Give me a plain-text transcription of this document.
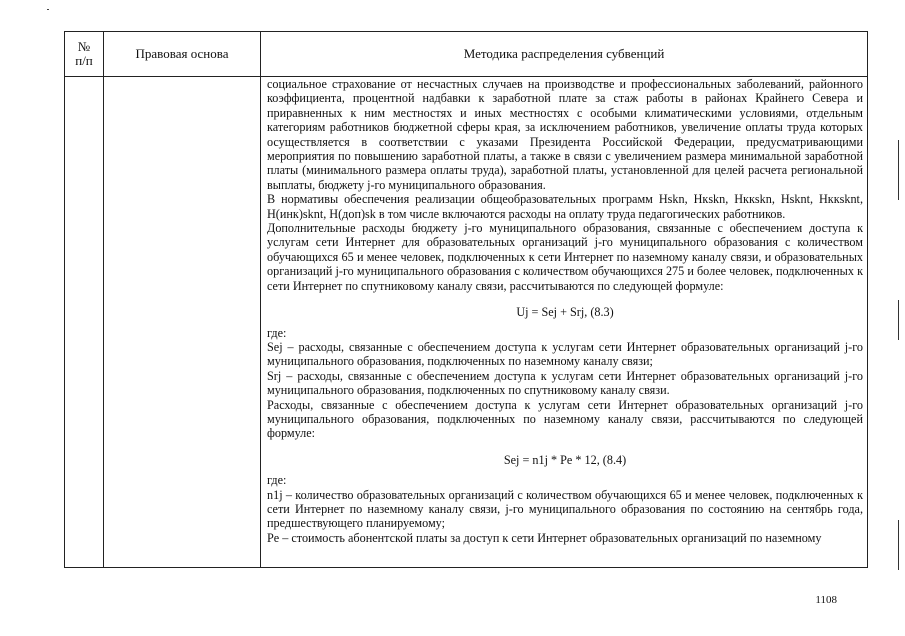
№
п/п	Правовая основа	Методика распределения субвенций

социальное страхование от несчастных случаев на производстве и профессиональных заболеваний, районного коэффициента, процентной надбавки к заработной плате за стаж работы в районах Крайнего Севера и приравненных к ним местностях и иных местностях с особыми климатическими условиями, отдельным категориям работников бюджетной сферы края, за исключением работников, увеличение оплаты труда которых осуществляется в соответствии с указами Президента Российской Федерации, предусматривающими мероприятия по повышению заработной платы, а также в связи с увеличением размера минимальной заработной платы (минимального размера оплаты труда), заработной платы, установленной для целей расчета региональной выплаты, бюджету j-го муниципального образования.

В нормативы обеспечения реализации общеобразовательных программ Hskn, Нкskn, Нккskn, Hsknt, Нккsknt, Н(инк)sknt, Н(доп)sk в том числе включаются расходы на оплату труда педагогических работников.

Дополнительные расходы бюджету j-го муниципального образования, связанные с обеспечением доступа к услугам сети Интернет для образовательных организаций j-го муниципального образования с количеством обучающихся 65 и менее человек, подключенных к сети Интернет по наземному каналу связи, и образовательных организаций j-го муниципального образования с количеством обучающихся 275 и более человек, подключенных к сети Интернет по спутниковому каналу связи, рассчитываются по следующей формуле:

Uj = Sej + Srj, (8.3)

где:

Sej – расходы, связанные с обеспечением доступа к услугам сети Интернет образовательных организаций j-го муниципального образования, подключенных по наземному каналу связи;

Srj – расходы, связанные с обеспечением доступа к услугам сети Интернет образовательных организаций j-го муниципального образования, подключенных по спутниковому каналу связи.

Расходы, связанные с обеспечением доступа к услугам сети Интернет образовательных организаций j-го муниципального образования, подключенных по наземному каналу связи, рассчитываются по следующей формуле:

Sej = n1j * Pe * 12, (8.4)

где:

n1j – количество образовательных организаций с количеством обучающихся 65 и менее человек, подключенных к сети Интернет по наземному каналу связи, j-го муниципального образования по состоянию на сентябрь года, предшествующего планируемому;

Pe – стоимость абонентской платы за доступ к сети Интернет образовательных организаций по наземному

1108
